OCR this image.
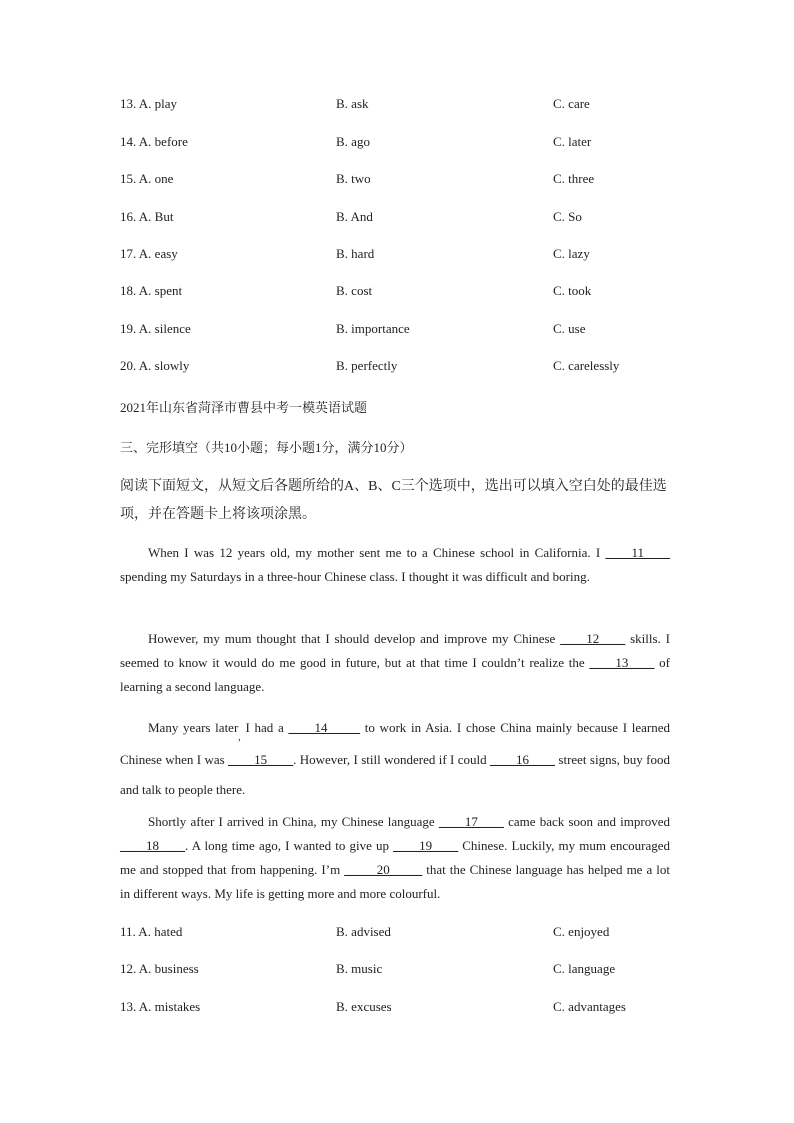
13. A. play	B. ask	C. care
14. A. before	B. ago	C. later
15. A. one	B. two	C. three
16. A. But	B. And	C. So
17. A. easy	B. hard	C. lazy
18. A. spent	B. cost	C. took
19. A. silence	B. importance	C. use
20. A. slowly	B. perfectly	C. carelessly
2021年山东省菏泽市曹县中考一模英语试题
三、完形填空（共10小题；每小题1分，满分10分）
阅读下面短文，从短文后各题所给的A、B、C三个选项中，选出可以填入空白处的最佳选项，并在答题卡上将该项涂黑。
When I was 12 years old, my mother sent me to a Chinese school in California. I ____11____ spending my Saturdays in a three-hour Chinese class. I thought it was difficult and boring.
However, my mum thought that I should develop and improve my Chinese ____12____ skills. I seemed to know it would do me good in future, but at that time I couldn’t realize the ____13____ of learning a second language.
Many years later$_,$ I had a ____14_____ to work in Asia. I chose China mainly because I learned Chinese when I was ____15____. However, I still wondered if I could ____16____ street signs, buy food and talk to people there.
Shortly after I arrived in China, my Chinese language ____17____ came back soon and improved ____18____. A long time ago, I wanted to give up ____19____ Chinese. Luckily, my mum encouraged me and stopped that from happening. I’m _____20_____ that the Chinese language has helped me a lot in different ways. My life is getting more and more colourful.
11. A. hated	B. advised	C. enjoyed
12. A. business	B. music	C. language
13. A. mistakes	B. excuses	C. advantages
